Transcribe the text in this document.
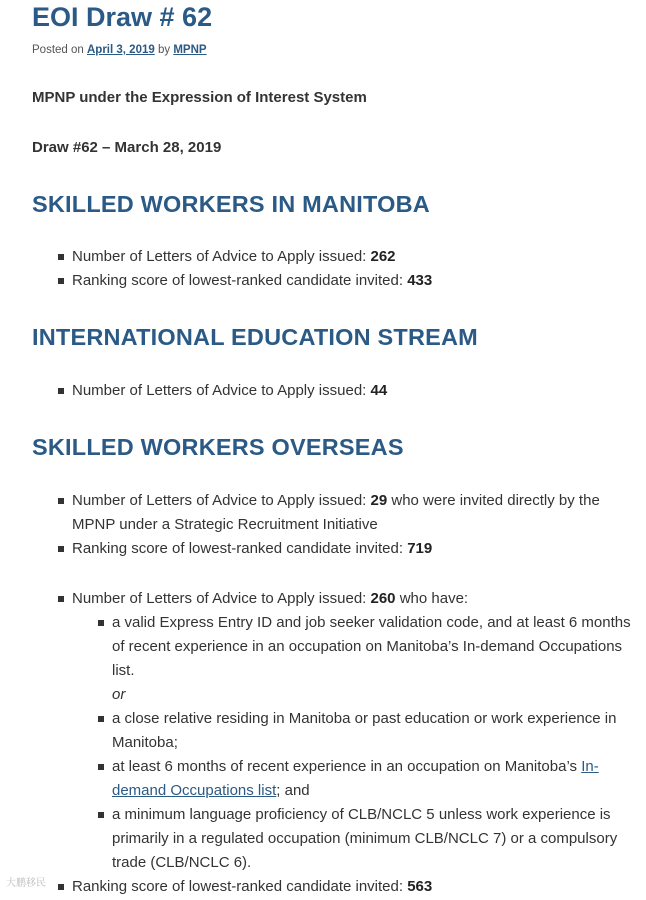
EOI Draw # 62
Posted on April 3, 2019 by MPNP

MPNP under the Expression of Interest System

Draw #62 – March 28, 2019

SKILLED WORKERS IN MANITOBA
Number of Letters of Advice to Apply issued: 262
Ranking score of lowest-ranked candidate invited: 433
INTERNATIONAL EDUCATION STREAM
Number of Letters of Advice to Apply issued: 44
SKILLED WORKERS OVERSEAS
Number of Letters of Advice to Apply issued: 29 who were invited directly by the MPNP under a Strategic Recruitment Initiative
Ranking score of lowest-ranked candidate invited: 719
Number of Letters of Advice to Apply issued: 260 who have:
a valid Express Entry ID and job seeker validation code, and at least 6 months of recent experience in an occupation on Manitoba’s In-demand Occupations list.
or
a close relative residing in Manitoba or past education or work experience in Manitoba;
at least 6 months of recent experience in an occupation on Manitoba’s In-demand Occupations list; and
a minimum language proficiency of CLB/NCLC 5 unless work experience is primarily in a regulated occupation (minimum CLB/NCLC 7) or a compulsory trade (CLB/NCLC 6).
Ranking score of lowest-ranked candidate invited: 563
大鹏移民
